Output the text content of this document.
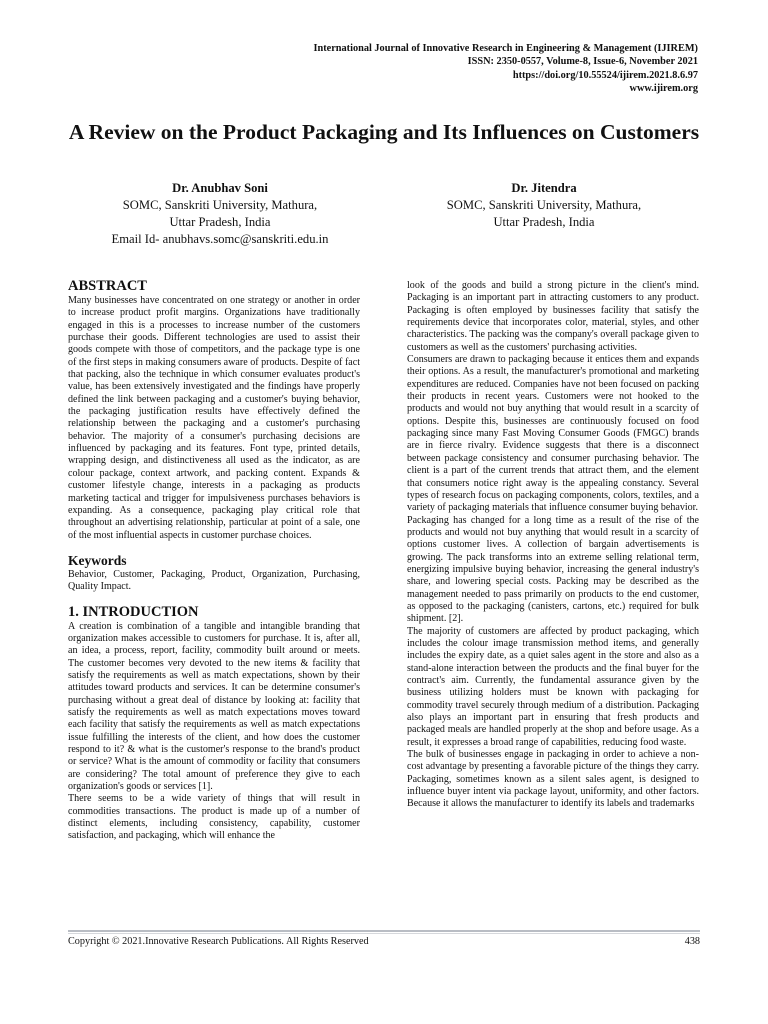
International Journal of Innovative Research in Engineering & Management (IJIREM)
ISSN: 2350-0557, Volume-8, Issue-6, November 2021
https://doi.org/10.55524/ijirem.2021.8.6.97
www.ijirem.org
A Review on the Product Packaging and Its Influences on Customers
Dr. Anubhav Soni
SOMC, Sanskriti University, Mathura,
Uttar Pradesh, India
Email Id- anubhavs.somc@sanskriti.edu.in
Dr. Jitendra
SOMC, Sanskriti University, Mathura,
Uttar Pradesh, India

ABSTRACT

Many businesses have concentrated on one strategy or another in order to increase product profit margins. Organizations have traditionally engaged in this is a processes to increase number of the customers purchase their goods. Different technologies are used to assist their goods compete with those of competitors, and the package type is one of the first steps in making consumers aware of products. Despite of fact that packing, also the technique in which consumer evaluates product's value, has been extensively investigated and the findings have properly defined the link between packaging and a customer's buying behavior, the packaging justification results have effectively defined the relationship between the packaging and a customer's purchasing behavior. The majority of a consumer's purchasing decisions are influenced by packaging and its features. Font type, printed details, wrapping design, and distinctiveness all used as the indicator, as are colour package, context artwork, and packing content. Expands & customer lifestyle change, interests in a packaging as products marketing tactical and trigger for impulsiveness purchases behaviors is expanding. As a consequence, packaging play critical role that throughout an advertising relationship, particular at point of a sale, one of the most influential aspects in customer purchase choices.

Keywords

Behavior, Customer, Packaging, Product, Organization, Purchasing, Quality Impact.

1. INTRODUCTION

A creation is combination of a tangible and intangible branding that organization makes accessible to customers for purchase. It is, after all, an idea, a process, report, facility, commodity built around or meets. The customer becomes very devoted to the new items & facility that satisfy the requirements as well as match expectations, shown by their attitudes toward products and services. It can be determine consumer's purchasing without a great deal of distance by looking at: facility that satisfy the requirements as well as match expectations moves toward each facility that satisfy the requirements as well as match expectations issue fulfilling the interests of the client, and how does the customer respond to it? & what is the customer's response to the brand's product or service? What is the amount of commodity or facility that consumers are considering? The total amount of preference they give to each organization's goods or services [1].

There seems to be a wide variety of things that will result in commodities transactions. The product is made up of a number of distinct elements, including consistency, capability, customer satisfaction, and packaging, which will enhance the

look of the goods and build a strong picture in the client's mind. Packaging is an important part in attracting customers to any product. Packaging is often employed by businesses facility that satisfy the requirements device that incorporates color, material, styles, and other characteristics. The packing was the company's overall package given to customers as well as the customers' purchasing activities.

Consumers are drawn to packaging because it entices them and expands their options. As a result, the manufacturer's promotional and marketing expenditures are reduced. Companies have not been focused on packing their products in recent years. Customers were not hooked to the products and would not buy anything that would result in a scarcity of options. Despite this, businesses are continuously focused on food packaging since many Fast Moving Consumer Goods (FMGC) brands are in fierce rivalry. Evidence suggests that there is a disconnect between package consistency and consumer purchasing behavior. The client is a part of the current trends that attract them, and the element that consumers notice right away is the appealing constancy. Several types of research focus on packaging components, colors, textiles, and a variety of packaging materials that influence consumer buying behavior.

Packaging has changed for a long time as a result of the rise of the products and would not buy anything that would result in a scarcity of options customer lives. A collection of bargain advertisements is growing. The pack transforms into an extreme selling relational term, energizing impulsive buying behavior, increasing the general industry's share, and lowering special costs. Packing may be described as the management needed to pass primarily on products to the end customer, as opposed to the packaging (canisters, cartons, etc.) required for bulk shipment. [2].

The majority of customers are affected by product packaging, which includes the colour image transmission method items, and generally includes the expiry date, as a quiet sales agent in the store and also as a stand-alone interaction between the products and the final buyer for the contract's aim. Currently, the fundamental assurance given by the business utilizing holders must be known with packaging for commodity travel securely through medium of a distribution. Packaging also plays an important part in ensuring that fresh products and packaged meals are handled properly at the shop and before usage. As a result, it expresses a broad range of capabilities, reducing food waste.

The bulk of businesses engage in packaging in order to achieve a non-cost advantage by presenting a favorable picture of the things they carry. Packaging, sometimes known as a silent sales agent, is designed to influence buyer intent via package layout, uniformity, and other factors. Because it allows the manufacturer to identify its labels and trademarks

Copyright © 2021.Innovative Research Publications. All Rights Reserved	438
